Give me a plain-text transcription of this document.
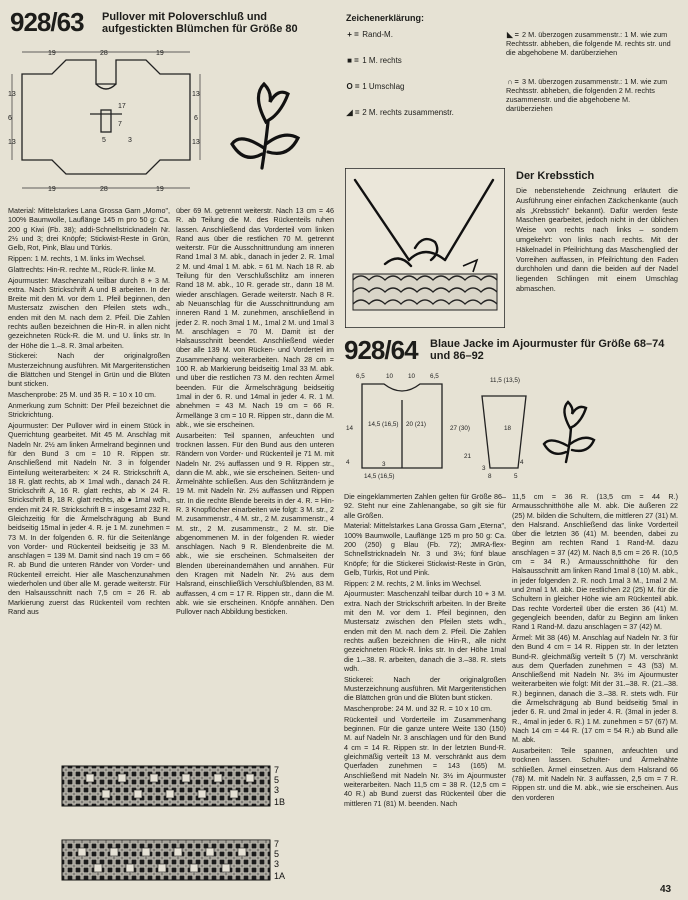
928/63 Pullover mit Poloverschluß und aufgestickten Blümchen für Größe 80
19	28	19
19	28	19
13
6
13
13
6
13
17
7
5	3

Material: Mittelstarkes Lana Grossa Garn „Momo", 100% Baumwolle, Lauflänge 145 m pro 50 g: Ca. 200 g Kiwi (Fb. 38); addi-Schnellstricknadeln Nr. 2½ und 3; drei Knöpfe; Stickwist-Reste in Grün, Gelb, Rot, Pink, Blau und Türkis.

Rippen: 1 M. rechts, 1 M. links im Wechsel.

Glattrechts: Hin-R. rechte M., Rück-R. linke M.

Ajourmuster: Maschenzahl teilbar durch 8 + 3 M. extra. Nach Strickschrift A und B arbeiten. In der Breite mit den M. vor dem 1. Pfeil beginnen, den Mustersatz zwischen den Pfeilen stets wdh., enden mit den M. nach dem 2. Pfeil. Die Zahlen rechts außen bezeichnen die Hin-R. in allen nicht gezeichneten Rück-R. die M. und U. links str. In der Höhe die 1.–8. R. 3mal arbeiten.

Stickerei: Nach der originalgroßen Musterzeichnung ausführen. Mit Margeritenstichen die Blättchen und Stengel in Grün und die Blüten bunt sticken.

Maschenprobe: 25 M. und 35 R. = 10 x 10 cm.

Anmerkung zum Schnitt: Der Pfeil bezeichnet die Strickrichtung.

Ajourmuster: Der Pullover wird in einem Stück in Querrichtung gearbeitet. Mit 45 M. Anschlag mit Nadeln Nr. 2½ am linken Ärmelrand beginnen und für den Bund 3 cm = 10 R. Rippen str. Anschließend mit Nadeln Nr. 3 in folgender Einteilung weiterarbeiten: ✕ 24 R. Strickschrift A, 18 R. glatt rechts, ab ✕ 1mal wdh., danach 24 R. Strickschrift A, 16 R. glatt rechts, ab ✕ 24 R. Strickschrift B, 18 R. glatt rechts, ab ● 1mal wdh., enden mit 24 R. Strickschrift B = insgesamt 232 R. Gleichzeitig für die Ärmelschrägung ab Bund beidseitig 15mal in jeder 4. R. je 1 M. zunehmen = 73 M. In der folgenden 6. R. für die Seitenlänge von Vorder- und Rückenteil beidseitig je 33 M. anschlagen = 139 M. Damit sind nach 19 cm = 66 R. ab Bund die unteren Ränder von Vorder- und Rückenteil erreicht. Hier alle Maschenzunahmen wiederholen und über alle M. gerade weiterstr. Für den Halsausschnitt nach 7,5 cm = 26 R. ab Markierung zuerst das Rückenteil vom rechten Rand aus

über 69 M. getrennt weiterstr. Nach 13 cm = 46 R. ab Teilung die M. des Rückenteils ruhen lassen. Anschließend das Vorderteil vom linken Rand aus über die restlichen 70 M. getrennt weiterstr. Für die Ausschnittrundung am inneren Rand 1mal 3 M. abk., danach in jeder 2. R. 1mal 2 M. und 4mal 1 M. abk. = 61 M. Nach 18 R. ab Teilung für den Verschlußschlitz am inneren Rand 18 M. abk., 10 R. gerade str., dann 18 M. wieder anschlagen. Gerade weiterstr. Nach 8 R. ab Neuanschlag für die Ausschnittrundung am inneren Rand 1 M. zunehmen, anschließend in jeder 2. R. noch 3mal 1 M., 1mal 2 M. und 1mal 3 M. anschlagen = 70 M. Damit ist der Halsausschnitt beendet. Anschließend wieder über alle 139 M. von Rücken- und Vorderteil im Zusammenhang weiterarbeiten. Nach 28 cm = 100 R. ab Markierung beidseitig 1mal 33 M. abk. und über die restlichen 73 M. den rechten Ärmel beenden. Für die Ärmelschrägung beidseitig 1mal in der 6. R. und 14mal in jeder 4. R. 1 M. abnehmen = 43 M. Nach 19 cm = 66 R. Ärmellänge 3 cm = 10 R. Rippen str., dann die M. abk., wie sie erscheinen.

Ausarbeiten: Teil spannen, anfeuchten und trocknen lassen. Für den Bund aus den unteren Rändern von Vorder- und Rückenteil je 71 M. mit Nadeln Nr. 2½ auffassen und 9 R. Rippen str., dann die M. abk., wie sie erscheinen. Seiten- und Ärmelnähte schließen. Aus den Schlitzrändern je 19 M. mit Nadeln Nr. 2½ auffassen und Rippen str. In die rechte Blende bereits in der 4. R. = Hin-R. 3 Knopflöcher einarbeiten wie folgt: 3 M. str., 2 M. zusammenstr., 4 M. str., 2 M. zusammenstr., 4 M. str., 2 M. zusammenstr., 2 M. str. Die abgenommenen M. in der folgenden R. wieder anschlagen. Nach 9 R. Blendenbreite die M. abk., wie sie erscheinen. Schmalseiten der Blenden übereinandernähen und annähen. Für den Kragen mit Nadeln Nr. 2½ aus dem Halsrand, einschließlich Verschlußblenden, 83 M. auffassen, 4 cm = 17 R. Rippen str., dann die M. abk. wie sie erscheinen. Knöpfe annähen. Den Pullover nach Abbildung besticken.

7
5
3
1B
7
5
3
1A
Zeichenerklärung:
+ = Rand-M.
■ = 1 M. rechts
O = 1 Umschlag
◢ = 2 M. rechts zusammenstr.
◣ = 2 M. überzogen zusammenstr.: 1 M. wie zum Rechtsstr. abheben, die folgende M. rechts str. und die abgehobene M. darüberziehen
∩ = 3 M. überzogen zusammenstr.: 1 M. wie zum Rechtsstr. abheben, die folgenden 2 M. rechts zusammenstr. und die abgehobene M. darüberziehen
Der Krebsstich
Die nebenstehende Zeichnung erläutert die Ausführung einer einfachen Zäckchenkante (auch als „Krebsstich" bekannt). Dafür werden feste Maschen gearbeitet, jedoch nicht in der üblichen Weise von rechts nach links – sondern umgekehrt: von links nach rechts. Mit der Häkelnadel in Pfeilrichtung das Maschenglied der Vorreihen auffassen, in Pfeilrichtung den Faden durchholen und dann die beiden auf der Nadel liegenden Schlingen mit einem Umschlag abmaschen.
928/64 Blaue Jacke im Ajourmuster für Größe 68–74 und 86–92
6,5	10 10 6,5
14
14,5 (16,5)
3
20 (21)
4
14,5 (16,5)
27 (30)
11,5 (13,5)
18
3
8	5
21
4

Die eingeklammerten Zahlen gelten für Größe 86–92. Steht nur eine Zahlenangabe, so gilt sie für alle Größen.

Material: Mittelstarkes Lana Grossa Garn „Eterna", 100% Baumwolle, Lauflänge 125 m pro 50 g: Ca. 200 (250) g Blau (Fb. 72); JMRA-flex-Schnellstricknadeln Nr. 3 und 3½; fünf blaue Knöpfe; für die Stickerei Stickwist-Reste in Grün, Gelb, Türkis, Rot und Pink.

Rippen: 2 M. rechts, 2 M. links im Wechsel.

Ajourmuster: Maschenzahl teilbar durch 10 + 3 M. extra. Nach der Strickschrift arbeiten. In der Breite mit den M. vor dem 1. Pfeil beginnen, den Mustersatz zwischen den Pfeilen stets wdh., enden mit den M. nach dem 2. Pfeil. Die Zahlen rechts außen bezeichnen die Hin-R., alle nicht gezeichneten Rück-R. links str. In der Höhe 1mal die 1.–38. R. arbeiten, danach die 3.–38. R. stets wdh.

Stickerei: Nach der originalgroßen Musterzeichnung ausführen. Mit Margeritenstichen die Blättchen grün und die Blüten bunt sticken.

Maschenprobe: 24 M. und 32 R. = 10 x 10 cm.

Rückenteil und Vorderteile im Zusammenhang beginnen. Für die ganze untere Weite 130 (150) M. auf Nadeln Nr. 3 anschlagen und für den Bund 4 cm = 14 R. Rippen str. In der letzten Bund-R. gleichmäßig verteilt 13 M. verschränkt aus dem Querfaden zunehmen = 143 (165) M. Anschließend mit Nadeln Nr. 3½ im Ajourmuster weiterarbeiten. Nach 11,5 cm = 38 R. (12,5 cm = 40 R.) ab Bund zuerst das Rückenteil über die mittleren 71 (81) M. beenden. Nach

11,5 cm = 36 R. (13,5 cm = 44 R.) Armausschnitthöhe alle M. abk. Die äußeren 22 (25) M. bilden die Schultern, die mittleren 27 (31) M. den Halsrand. Anschließend das linke Vorderteil über die letzten 36 (41) M. beenden, dabei zu Beginn am rechten Rand 1 Rand-M. dazu anschlagen = 37 (42) M. Nach 8,5 cm = 26 R. (10,5 cm = 34 R.) Armausschnitthöhe für den Halsausschnitt am linken Rand 1mal 8 (10) M. abk., in jeder folgenden 2. R. noch 1mal 3 M., 1mal 2 M. und 2mal 1 M. abk. Die restlichen 22 (25) M. für die Schultern in gleicher Höhe wie am Rückenteil abk. Das rechte Vorderteil über die ersten 36 (41) M. gegengleich beenden, dafür zu Beginn am linken Rand 1 Rand-M. dazu anschlagen = 37 (42) M.

Ärmel: Mit 38 (46) M. Anschlag auf Nadeln Nr. 3 für den Bund 4 cm = 14 R. Rippen str. In der letzten Bund-R. gleichmäßig verteilt 5 (7) M. verschränkt aus dem Querfaden zunehmen = 43 (53) M. Anschließend mit Nadeln Nr. 3½ im Ajourmuster weiterarbeiten wie folgt: Mit der 31.–38. R. (21.–38. R.) beginnen, danach die 3.–38. R. stets wdh. Für die Ärmelschrägung ab Bund beidseitig 5mal in jeder 6. R. und 2mal in jeder 4. R. (3mal in jeder 8. R., 4mal in jeder 6. R.) 1 M. zunehmen = 57 (67) M. Nach 14 cm = 44 R. (17 cm = 54 R.) ab Bund alle M. abk.

Ausarbeiten: Teile spannen, anfeuchten und trocknen lassen. Schulter- und Ärmelnähte schließen. Ärmel einsetzen. Aus dem Halsrand 66 (78) M. mit Nadeln Nr. 3 auffassen, 2,5 cm = 7 R. Rippen str. und die M. abk., wie sie erscheinen. Aus den vorderen

43
